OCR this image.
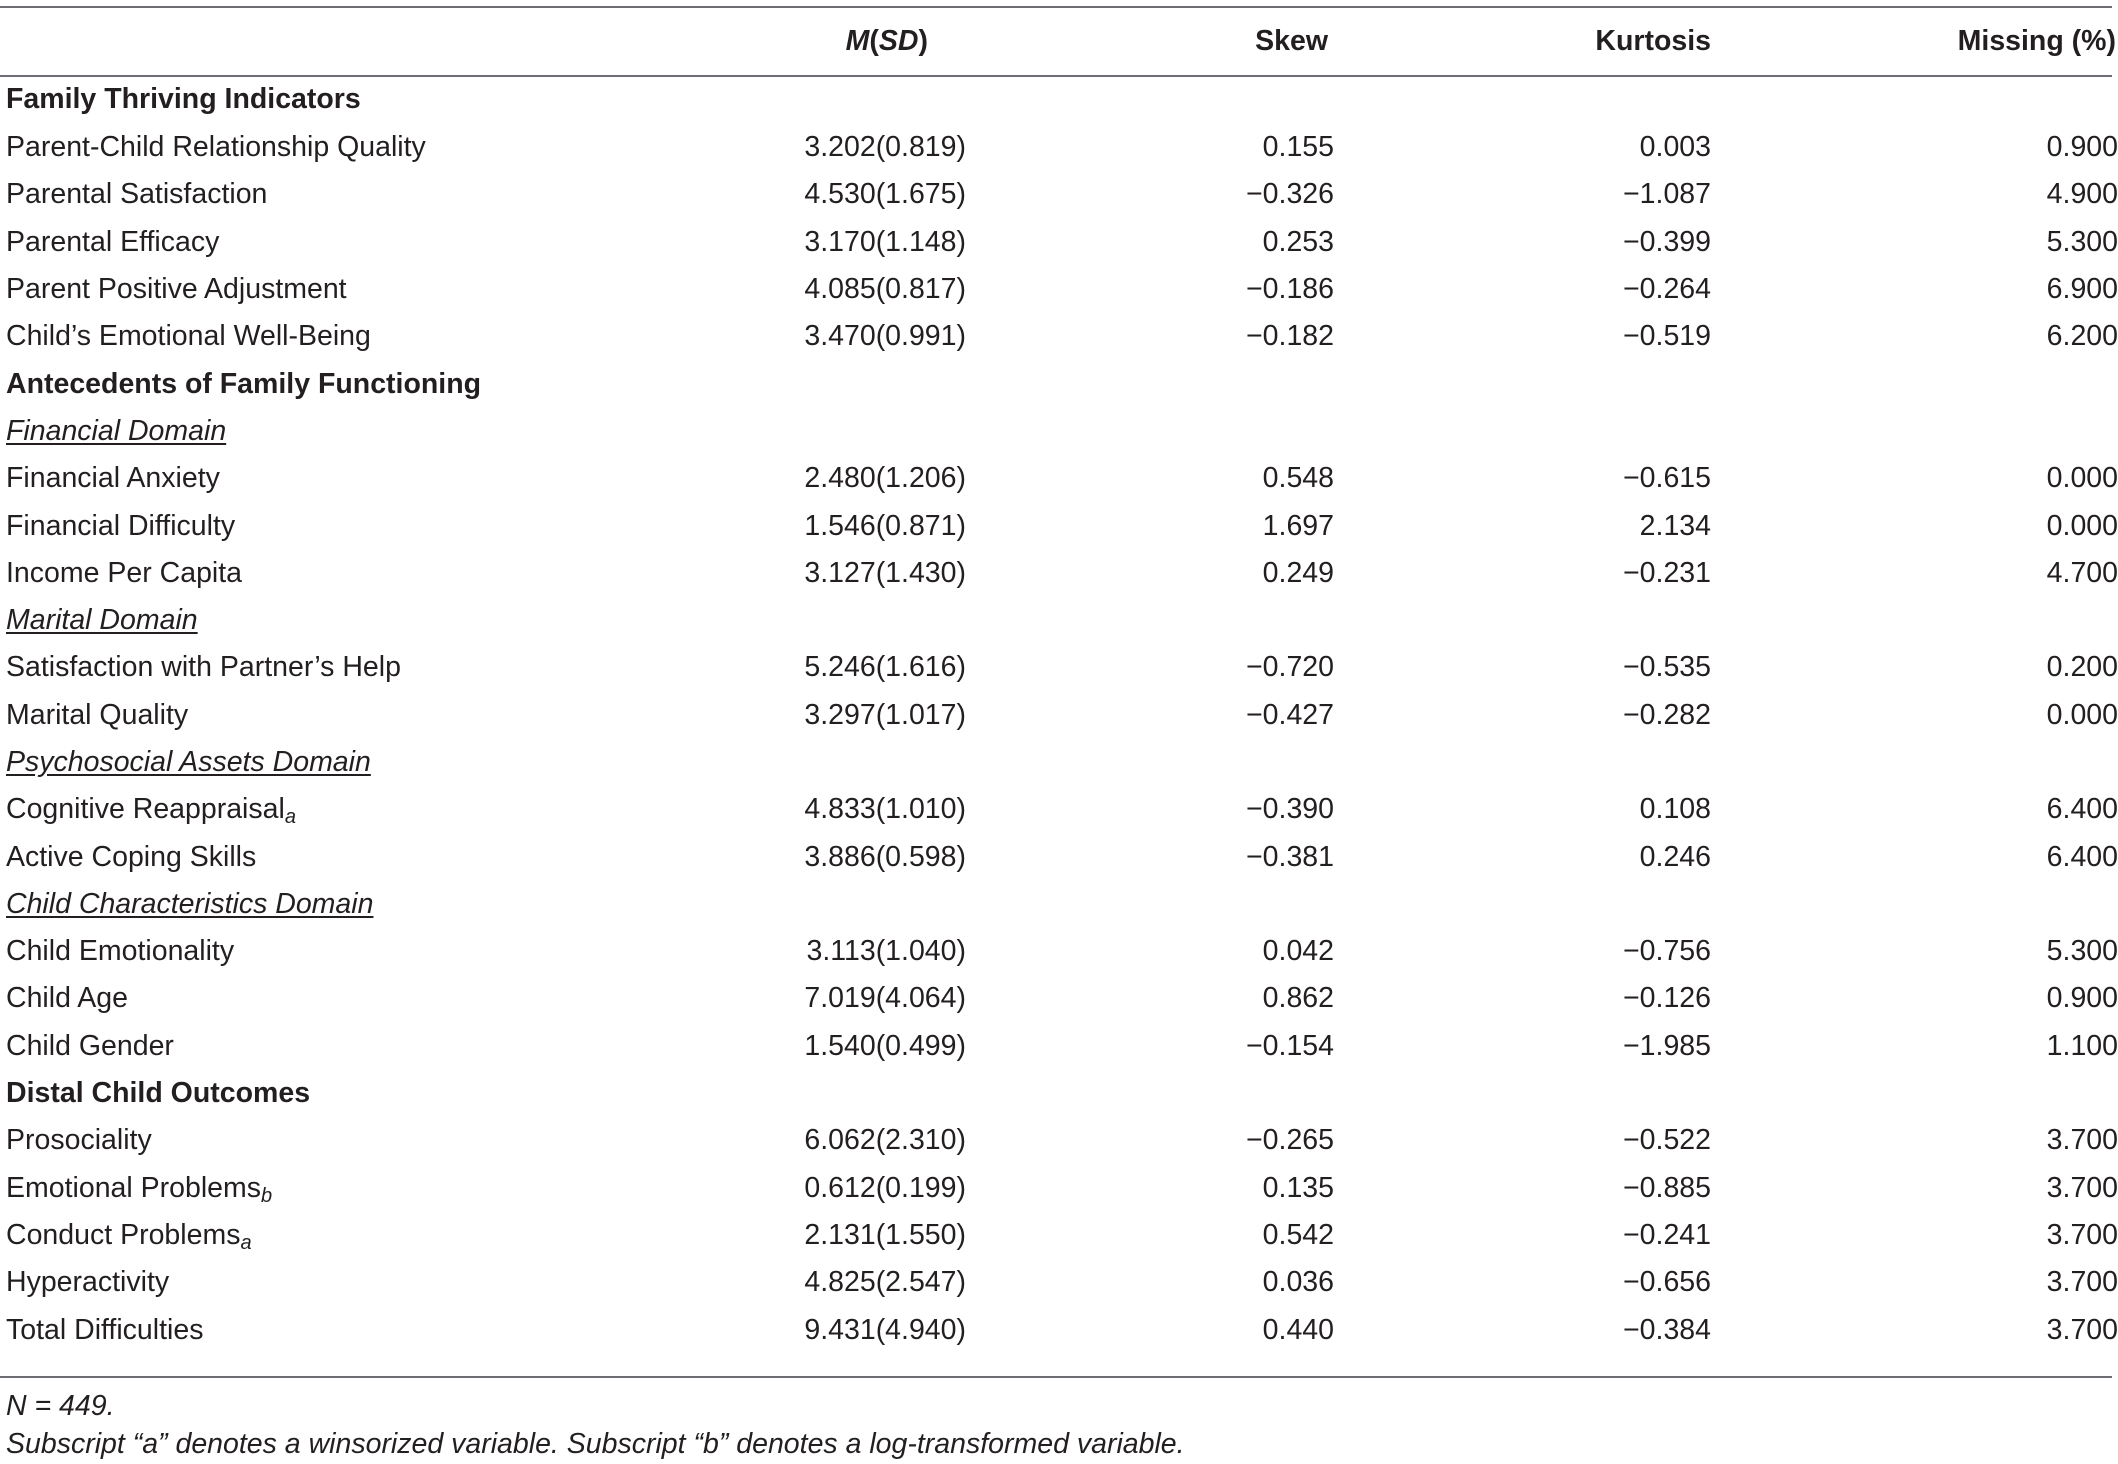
	M(SD)	Skew	Kurtosis	Missing (%)
Family Thriving Indicators				
Parent-Child Relationship Quality	3.202(0.819)	0.155	0.003	0.900
Parental Satisfaction	4.530(1.675)	−0.326	−1.087	4.900
Parental Efficacy	3.170(1.148)	0.253	−0.399	5.300
Parent Positive Adjustment	4.085(0.817)	−0.186	−0.264	6.900
Child’s Emotional Well-Being	3.470(0.991)	−0.182	−0.519	6.200
Antecedents of Family Functioning				
Financial Domain				
Financial Anxiety	2.480(1.206)	0.548	−0.615	0.000
Financial Difficulty	1.546(0.871)	1.697	2.134	0.000
Income Per Capita	3.127(1.430)	0.249	−0.231	4.700
Marital Domain				
Satisfaction with Partner’s Help	5.246(1.616)	−0.720	−0.535	0.200
Marital Quality	3.297(1.017)	−0.427	−0.282	0.000
Psychosocial Assets Domain				
Cognitive Reappraisal$_a$	4.833(1.010)	−0.390	0.108	6.400
Active Coping Skills	3.886(0.598)	−0.381	0.246	6.400
Child Characteristics Domain				
Child Emotionality	3.113(1.040)	0.042	−0.756	5.300
Child Age	7.019(4.064)	0.862	−0.126	0.900
Child Gender	1.540(0.499)	−0.154	−1.985	1.100
Distal Child Outcomes				
Prosociality	6.062(2.310)	−0.265	−0.522	3.700
Emotional Problems$_b$	0.612(0.199)	0.135	−0.885	3.700
Conduct Problems$_a$	2.131(1.550)	0.542	−0.241	3.700
Hyperactivity	4.825(2.547)	0.036	−0.656	3.700
Total Difficulties	9.431(4.940)	0.440	−0.384	3.700
N = 449.
Subscript “a” denotes a winsorized variable. Subscript “b” denotes a log-transformed variable.
